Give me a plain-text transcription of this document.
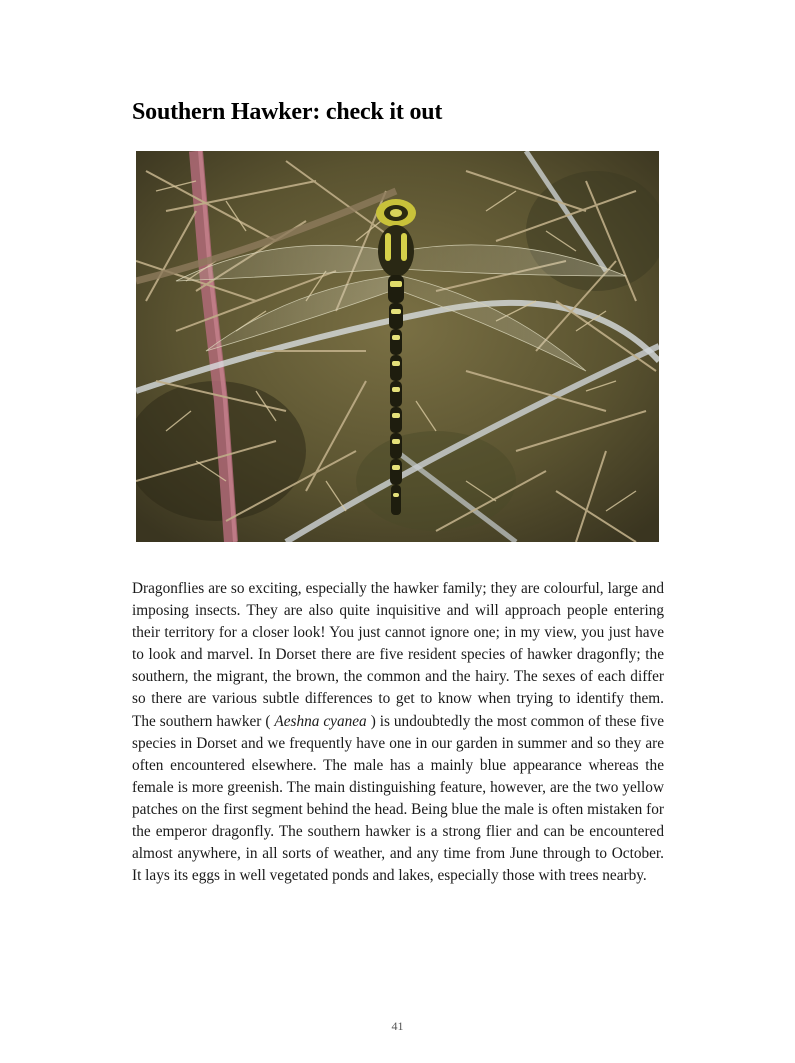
Southern Hawker: check it out

Dragonflies are so exciting, especially the hawker family; they are colourful, large and imposing insects. They are also quite inquisitive and will approach people entering their territory for a closer look! You just cannot ignore one; in my view, you just have to look and marvel. In Dorset there are five resident species of hawker dragonfly; the southern, the migrant, the brown, the common and the hairy. The sexes of each differ so there are various subtle differences to get to know when trying to identify them. The southern hawker ( Aeshna cyanea ) is undoubtedly the most common of these five species in Dorset and we frequently have one in our garden in summer and so they are often encountered elsewhere. The male has a mainly blue appearance whereas the female is more greenish. The main distinguishing feature, however, are the two yellow patches on the first segment behind the head. Being blue the male is often mistaken for the emperor dragonfly. The southern hawker is a strong flier and can be encountered almost anywhere, in all sorts of weather, and any time from June through to October. It lays its eggs in well vegetated ponds and lakes, especially those with trees nearby.

41
